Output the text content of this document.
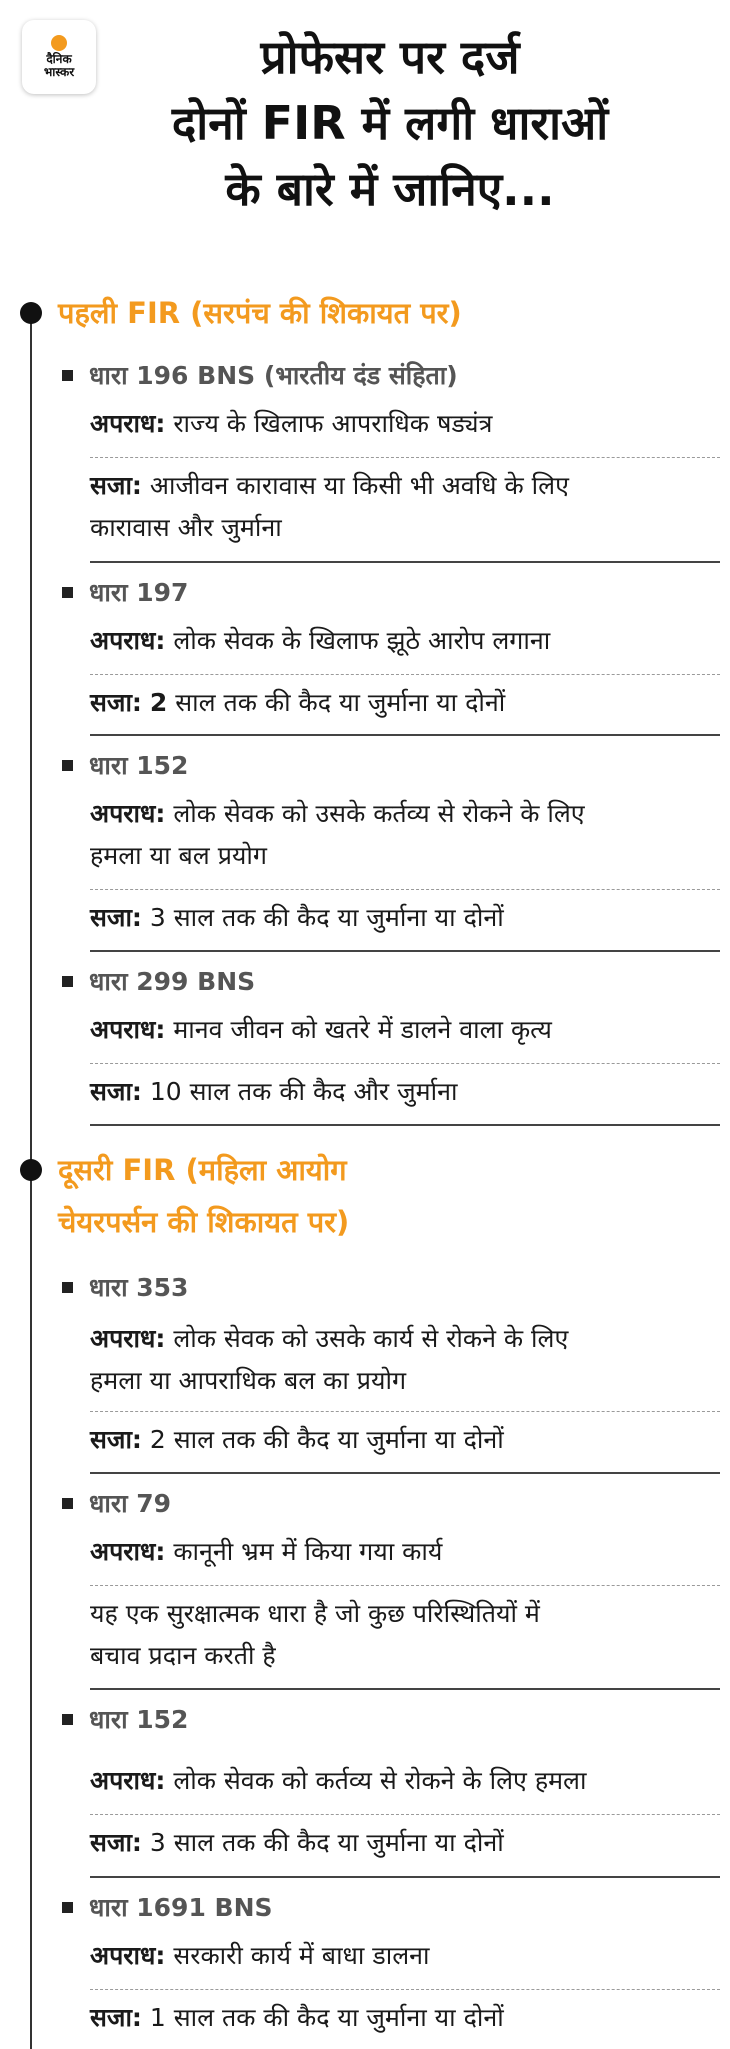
दैनिक
भास्कर	प्रोफेसर पर दर्ज
दोनों FIR में लगी धाराओं
के बारे में जानिए...
पहली FIR (सरपंच की शिकायत पर)
धारा 196 BNS (भारतीय दंड संहिता)
अपराध: राज्य के खिलाफ आपराधिक षड्यंत्र
सजा: आजीवन कारावास या किसी भी अवधि के लिए
कारावास और जुर्माना
धारा 197
अपराध: लोक सेवक के खिलाफ झूठे आरोप लगाना
सजा: 2 साल तक की कैद या जुर्माना या दोनों
धारा 152
अपराध: लोक सेवक को उसके कर्तव्य से रोकने के लिए
हमला या बल प्रयोग
सजा: 3 साल तक की कैद या जुर्माना या दोनों
धारा 299 BNS
अपराध: मानव जीवन को खतरे में डालने वाला कृत्य
सजा: 10 साल तक की कैद और जुर्माना
दूसरी FIR (महिला आयोग
चेयरपर्सन की शिकायत पर)
धारा 353
अपराध: लोक सेवक को उसके कार्य से रोकने के लिए
हमला या आपराधिक बल का प्रयोग
सजा: 2 साल तक की कैद या जुर्माना या दोनों
धारा 79
अपराध: कानूनी भ्रम में किया गया कार्य
यह एक सुरक्षात्मक धारा है जो कुछ परिस्थितियों में
बचाव प्रदान करती है
धारा 152
अपराध: लोक सेवक को कर्तव्य से रोकने के लिए हमला
सजा: 3 साल तक की कैद या जुर्माना या दोनों
धारा 1691 BNS
अपराध: सरकारी कार्य में बाधा डालना
सजा: 1 साल तक की कैद या जुर्माना या दोनों
